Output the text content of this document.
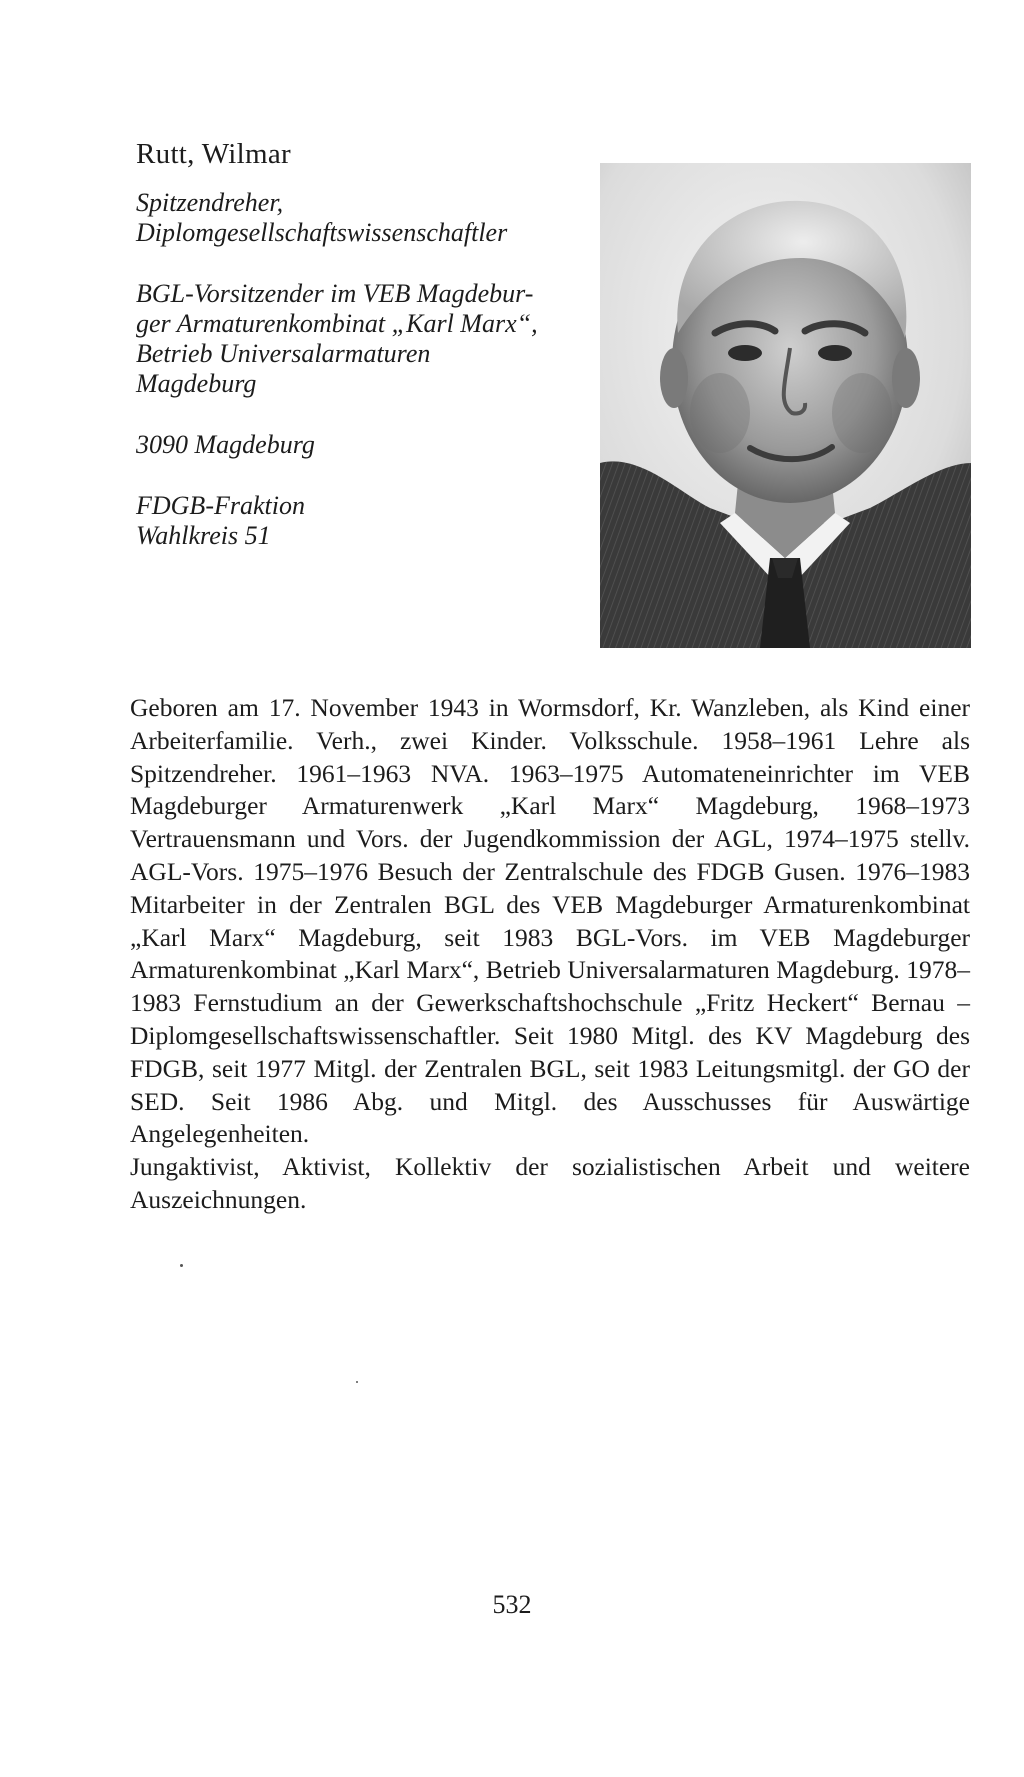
Rutt, Wilmar
Spitzendreher,
Diplomgesellschaftswissenschaftler
BGL-Vorsitzender im VEB Magdebur-
ger Armaturenkombinat „Karl Marx“,
Betrieb Universalarmaturen
Magdeburg
3090 Magdeburg
FDGB-Fraktion
Wahlkreis 51

Geboren am 17. November 1943 in Wormsdorf, Kr. Wanzleben, als Kind einer Arbeiterfamilie. Verh., zwei Kinder. Volksschule. 1958–1961 Lehre als Spitzendreher. 1961–1963 NVA. 1963–1975 Automateneinrichter im VEB Magdeburger Armaturenwerk „Karl Marx“ Magdeburg, 1968–1973 Vertrauensmann und Vors. der Jugendkommission der AGL, 1974–1975 stellv. AGL-Vors. 1975–1976 Besuch der Zentralschule des FDGB Gusen. 1976–1983 Mitarbeiter in der Zentralen BGL des VEB Magdeburger Armaturenkombinat „Karl Marx“ Magdeburg, seit 1983 BGL-Vors. im VEB Magdeburger Armaturenkombinat „Karl Marx“, Betrieb Universalarmaturen Magdeburg. 1978–1983 Fernstudium an der Gewerkschaftshochschule „Fritz Heckert“ Bernau – Diplomgesellschaftswissenschaftler. Seit 1980 Mitgl. des KV Magdeburg des FDGB, seit 1977 Mitgl. der Zentralen BGL, seit 1983 Leitungsmitgl. der GO der SED. Seit 1986 Abg. und Mitgl. des Ausschusses für Auswärtige Angelegenheiten.

Jungaktivist, Aktivist, Kollektiv der sozialistischen Arbeit und weitere Auszeichnungen.

532
